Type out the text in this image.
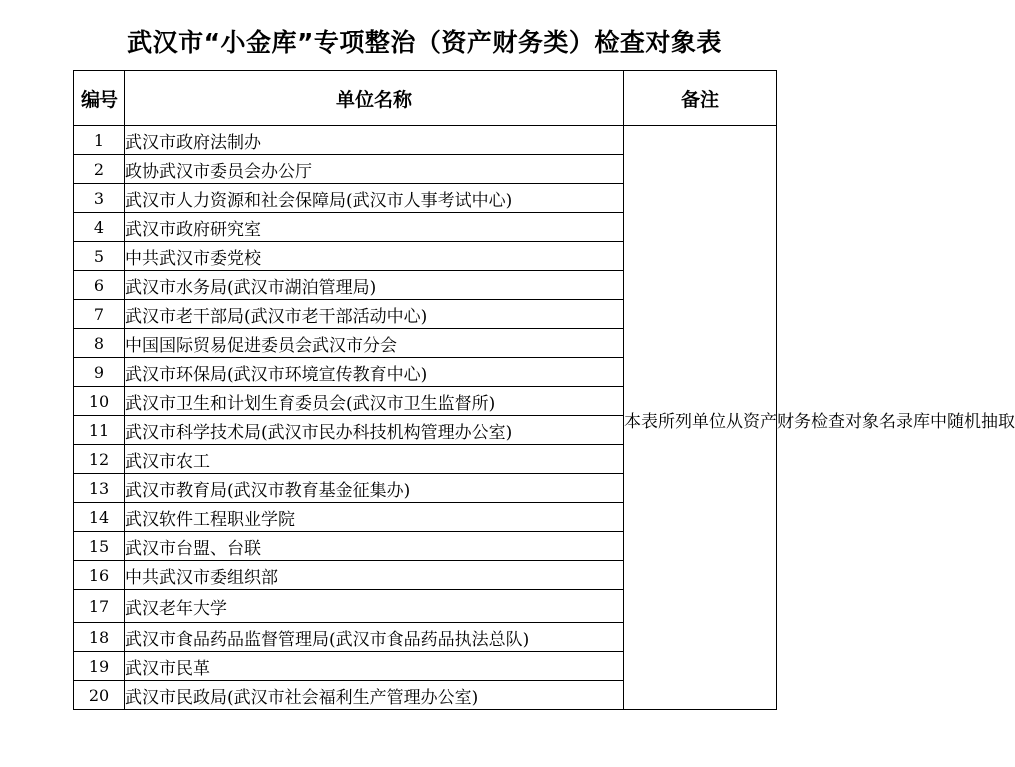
武汉市“小金库”专项整治（资产财务类）检查对象表
编号	单位名称	备注
1	武汉市政府法制办	本表所列单位从资产财务检查对象名录库中随机抽取

2	政协武汉市委员会办公厅	
3	武汉市人力资源和社会保障局(武汉市人事考试中心)	
4	武汉市政府研究室	
5	中共武汉市委党校	
6	武汉市水务局(武汉市湖泊管理局)	
7	武汉市老干部局(武汉市老干部活动中心)	
8	中国国际贸易促进委员会武汉市分会	
9	武汉市环保局(武汉市环境宣传教育中心)	
10	武汉市卫生和计划生育委员会(武汉市卫生监督所)	
11	武汉市科学技术局(武汉市民办科技机构管理办公室)	
12	武汉市农工	
13	武汉市教育局(武汉市教育基金征集办)	
14	武汉软件工程职业学院	
15	武汉市台盟、台联	
16	中共武汉市委组织部	
17	武汉老年大学	
18	武汉市食品药品监督管理局(武汉市食品药品执法总队)	
19	武汉市民革	
20	武汉市民政局(武汉市社会福利生产管理办公室)	
